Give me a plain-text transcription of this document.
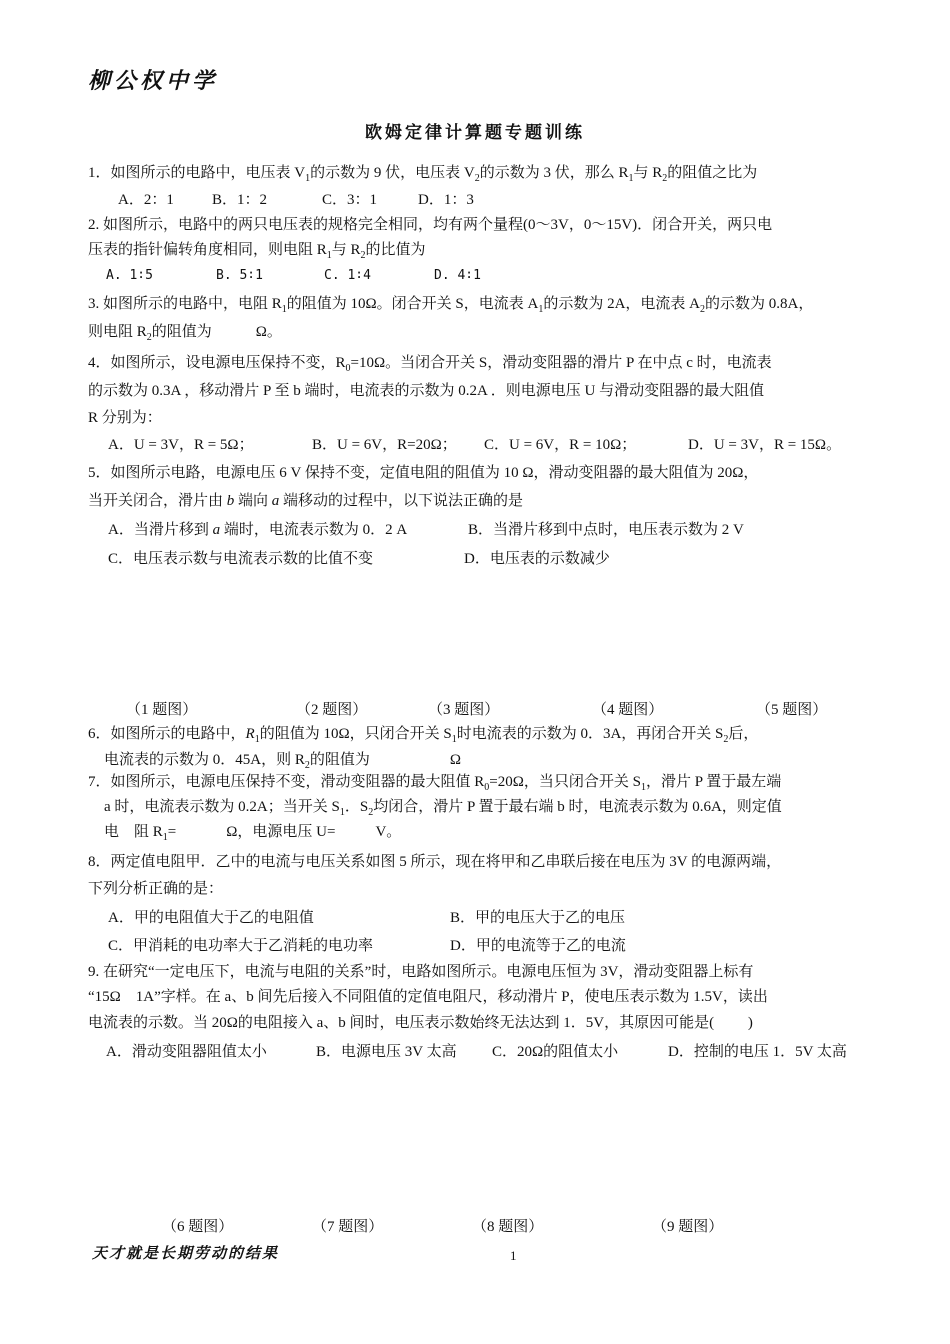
柳公权中学
欧姆定律计算题专题训练
1．如图所示的电路中，电压表 $V_1$的示数为 9 伏，电压表 $V_2$的示数为 3 伏，那么 $R_1$与 $R_2$的阻值之比为
A．2：1	B．1：2	C．3：1	D．1：3
2. 如图所示，电路中的两只电压表的规格完全相同，均有两个量程(0～3V，0～15V)．闭合开关，两只电
压表的指针偏转角度相同，则电阻 $R_1$与 $R_2$的比值为
A. 1∶5	B. 5∶1	C. 1∶4	D. 4∶1
3. 如图所示的电路中，电阻 $R_1$的阻值为 10Ω。闭合开关 S，电流表 $A_1$的示数为 2A，电流表 $A_2$的示数为 0.8A，
则电阻 $R_2$的阻值为	Ω。
4．如图所示，设电源电压保持不变，$R_0=10\Omega$。当闭合开关 S，滑动变阻器的滑片 P 在中点 c 时，电流表
的示数为 0.3A ，移动滑片 P 至 b 端时，电流表的示数为 0.2A ．则电源电压 U 与滑动变阻器的最大阻值
R 分别为：
A．U = 3V，R = 5Ω；	B．U = 6V，R=20Ω； C．U = 6V，R = 10Ω；	D．U = 3V，R = 15Ω。
5．如图所示电路，电源电压 6 V 保持不变，定值电阻的阻值为 10 Ω，滑动变阻器的最大阻值为 20Ω，
当开关闭合，滑片由 b 端向 a 端移动的过程中，以下说法正确的是
A．当滑片移到 a 端时，电流表示数为 0．2 A	B．当滑片移到中点时，电压表示数为 2 V
C．电压表示数与电流表示数的比值不变	D．电压表的示数减少
（1 题图）	（2 题图）	（3 题图）	（4 题图）	（5 题图）
6．如图所示的电路中，$R_1$的阻值为 10Ω，只闭合开关 $S_1$时电流表的示数为 0．3A，再闭合开关 $S_2$后，
电流表的示数为 0．45A，则 $R_2$的阻值为	Ω
7．如图所示，电源电压保持不变，滑动变阻器的最大阻值 $R_0=20\Omega$，当只闭合开关 $S_1$，滑片 P 置于最左端
a 时，电流表示数为 0.2A；当开关 $S_1$．$S_2$均闭合，滑片 P 置于最右端 b 时，电流表示数为 0.6A，则定值
电　阻 $R_1=$	Ω，电源电压 U=	V。
8．两定值电阻甲．乙中的电流与电压关系如图 5 所示，现在将甲和乙串联后接在电压为 3V 的电源两端，
下列分析正确的是：
A．甲的电阻值大于乙的电阻值	B．甲的电压大于乙的电压
C．甲消耗的电功率大于乙消耗的电功率	D．甲的电流等于乙的电流
9. 在研究“一定电压下，电流与电阻的关系”时，电路如图所示。电源电压恒为 3V，滑动变阻器上标有
“15Ω　1A”字样。在 a、b 间先后接入不同阻值的定值电阻尺，移动滑片 P，使电压表示数为 1.5V，读出
电流表的示数。当 20Ω的电阻接入 a、b 间时，电压表示数始终无法达到 1．5V，其原因可能是(　　 )
A．滑动变阻器阻值太小	B．电源电压 3V 太高 C．20Ω的阻值太小	D．控制的电压 1．5V 太高
（6 题图）	（7 题图）	（8 题图）	（9 题图）
天才就是长期劳动的结果	1
